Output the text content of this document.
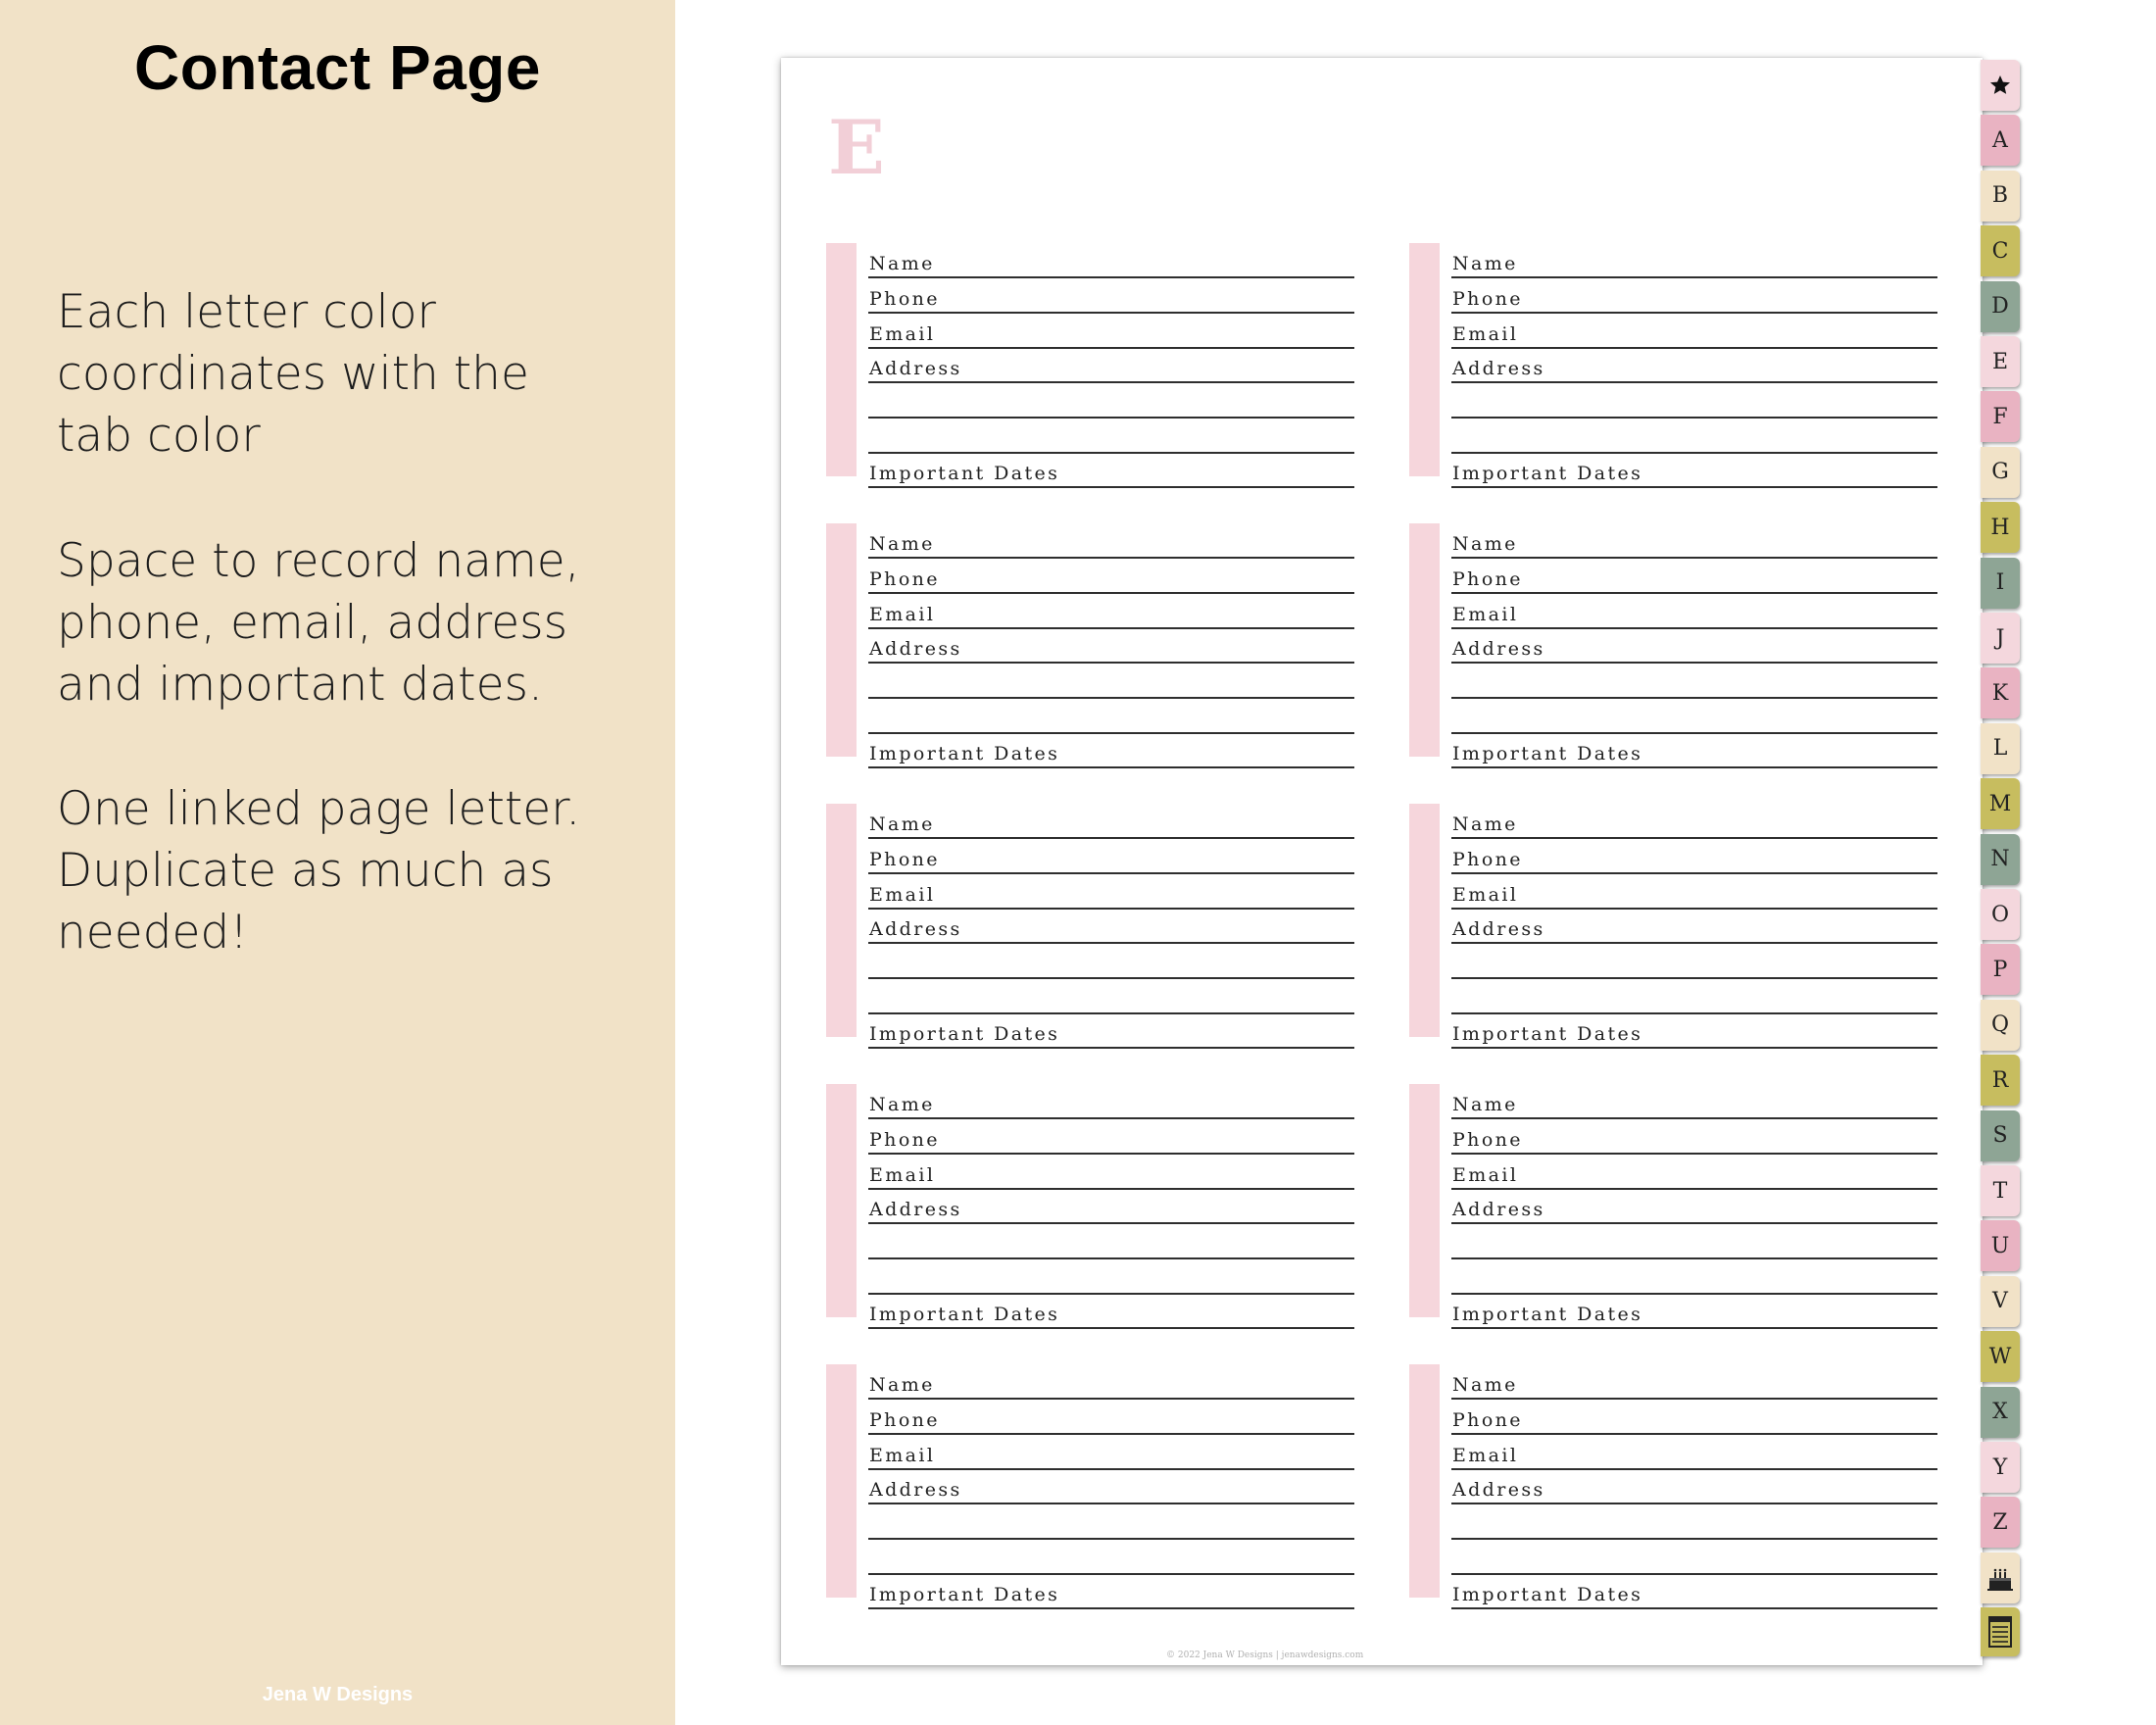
Contact Page

Each letter color coordinates with the tab color

Space to record name, phone, email, address and important dates.

One linked page letter. Duplicate as much as needed!

Jena W Designs
E
Name
Phone
Email
Address
Important Dates
Name
Phone
Email
Address
Important Dates
Name
Phone
Email
Address
Important Dates
Name
Phone
Email
Address
Important Dates
Name
Phone
Email
Address
Important Dates
Name
Phone
Email
Address
Important Dates
Name
Phone
Email
Address
Important Dates
Name
Phone
Email
Address
Important Dates
Name
Phone
Email
Address
Important Dates
Name
Phone
Email
Address
Important Dates
© 2022 Jena W Designs | jenawdesigns.com
A
B
C
D
E
F
G
H
I
J
K
L
M
N
O
P
Q
R
S
T
U
V
W
X
Y
Z
